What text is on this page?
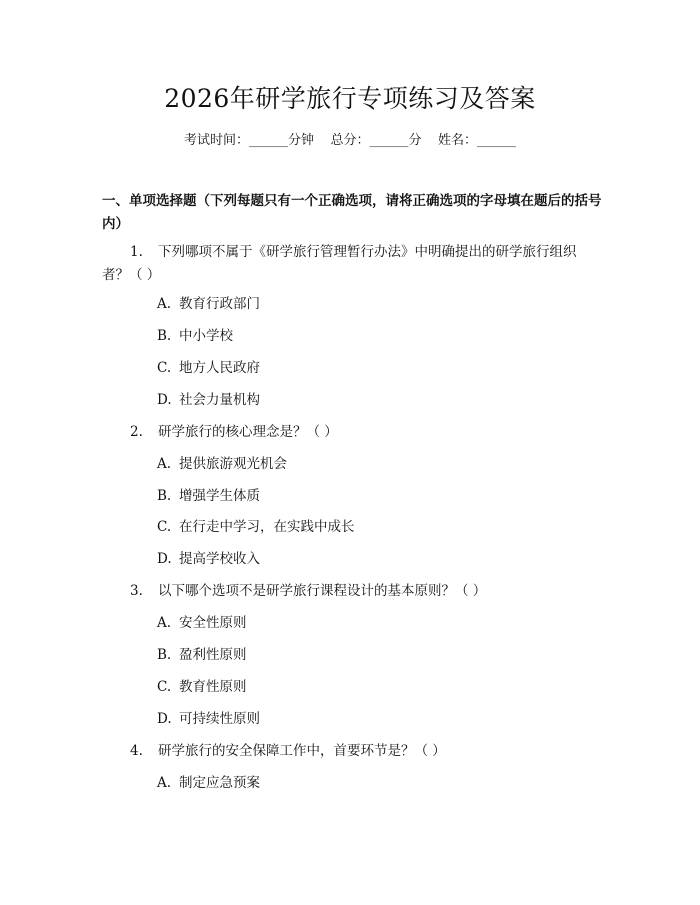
2026年研学旅行专项练习及答案
考试时间：______分钟    总分：______分    姓名：______
一、单项选择题（下列每题只有一个正确选项，请将正确选项的字母填在题后的括号内）
1. 下列哪项不属于《研学旅行管理暂行办法》中明确提出的研学旅行组织者？（ ）
A. 教育行政部门
B. 中小学校
C. 地方人民政府
D. 社会力量机构
2. 研学旅行的核心理念是？（ ）
A. 提供旅游观光机会
B. 增强学生体质
C. 在行走中学习，在实践中成长
D. 提高学校收入
3. 以下哪个选项不是研学旅行课程设计的基本原则？（ ）
A. 安全性原则
B. 盈利性原则
C. 教育性原则
D. 可持续性原则
4. 研学旅行的安全保障工作中，首要环节是？（ ）
A. 制定应急预案
